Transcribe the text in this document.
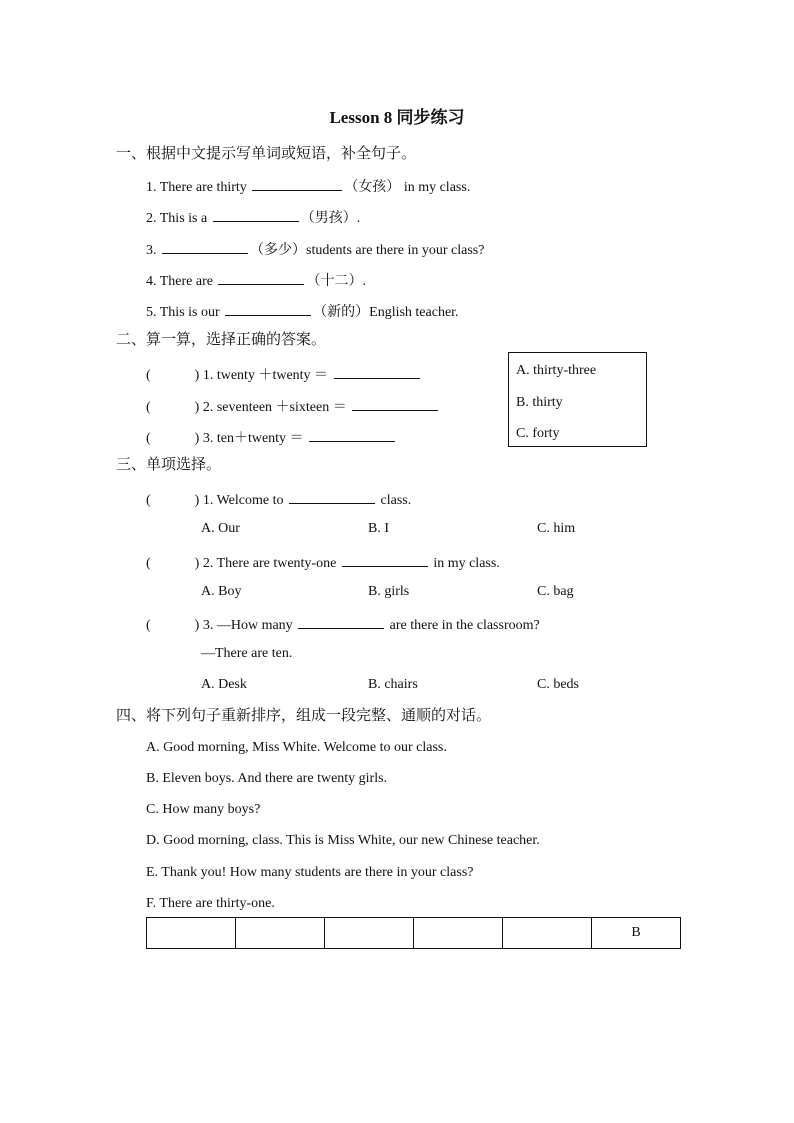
Lesson 8 同步练习
一、根据中文提示写单词或短语，补全句子。
1. There are thirty	（女孩） in my class.
2. This is a	（男孩）.
3.	（多少）students are there in your class?
4. There are	（十二）.
5. This is our	（新的）English teacher.
二、算一算，选择正确的答案。
(	) 1. twenty ＋twenty ＝
(	) 2. seventeen ＋sixteen ＝
(	) 3. ten＋twenty ＝
A. thirty-three
B. thirty
C. forty
三、单项选择。
(	) 1. Welcome to	class.
A. Our	B. I	C. him
(	) 2. There are twenty-one	in my class.
A. Boy	B. girls	C. bag
(	) 3. —How many	are there in the classroom?
—There are ten.
A. Desk	B. chairs	C. beds
四、将下列句子重新排序，组成一段完整、通顺的对话。
A. Good morning, Miss White. Welcome to our class.
B. Eleven boys. And there are twenty girls.
C. How many boys?
D. Good morning, class. This is Miss White, our new Chinese teacher.
E. Thank you! How many students are there in your class?
F. There are thirty-one.
					B
